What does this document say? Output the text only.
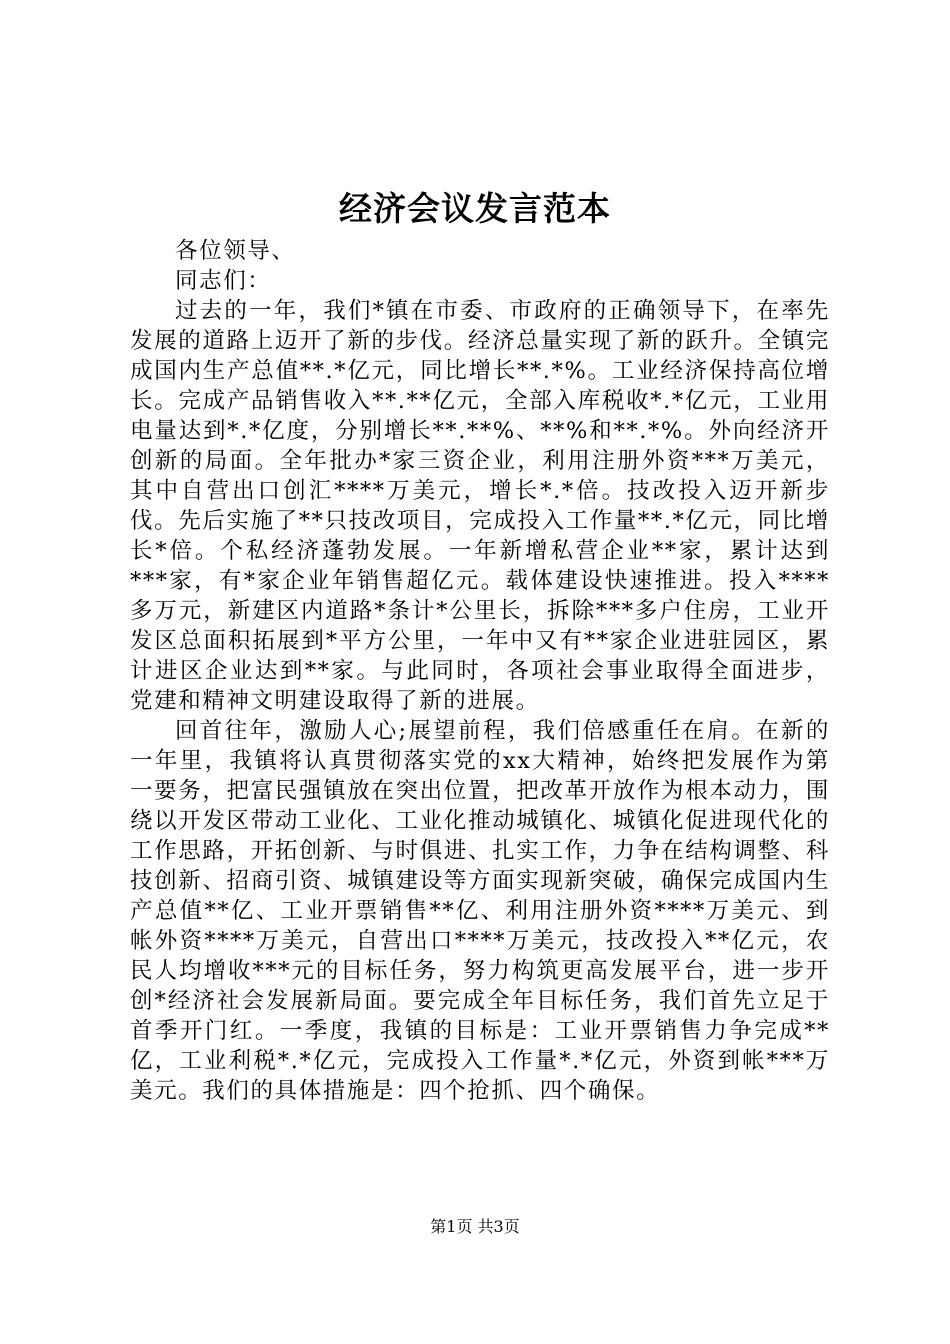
经济会议发言范本

各位领导、

同志们：

过去的一年，我们*镇在市委、市政府的正确领导下，在率先发展的道路上迈开了新的步伐。经济总量实现了新的跃升。全镇完成国内生产总值**.*亿元，同比增长**.*%。工业经济保持高位增长。完成产品销售收入**.**亿元，全部入库税收*.*亿元，工业用电量达到*.*亿度，分别增长**.**%、**%和**.*%。外向经济开创新的局面。全年批办*家三资企业，利用注册外资***万美元，其中自营出口创汇****万美元，增长*.*倍。技改投入迈开新步伐。先后实施了**只技改项目，完成投入工作量**.*亿元，同比增长*倍。个私经济蓬勃发展。一年新增私营企业**家，累计达到***家，有*家企业年销售超亿元。载体建设快速推进。投入****多万元，新建区内道路*条计*公里长，拆除***多户住房，工业开发区总面积拓展到*平方公里，一年中又有**家企业进驻园区，累计进区企业达到**家。与此同时，各项社会事业取得全面进步，党建和精神文明建设取得了新的进展。

回首往年，激励人心;展望前程，我们倍感重任在肩。在新的一年里，我镇将认真贯彻落实党的xx大精神，始终把发展作为第一要务，把富民强镇放在突出位置，把改革开放作为根本动力，围绕以开发区带动工业化、工业化推动城镇化、城镇化促进现代化的工作思路，开拓创新、与时俱进、扎实工作，力争在结构调整、科技创新、招商引资、城镇建设等方面实现新突破，确保完成国内生产总值**亿、工业开票销售**亿、利用注册外资****万美元、到帐外资****万美元，自营出口****万美元，技改投入**亿元，农民人均增收***元的目标任务，努力构筑更高发展平台，进一步开创*经济社会发展新局面。要完成全年目标任务，我们首先立足于首季开门红。一季度，我镇的目标是：工业开票销售力争完成**亿，工业利税*.*亿元，完成投入工作量*.*亿元，外资到帐***万美元。我们的具体措施是：四个抢抓、四个确保。

第1页 共3页
